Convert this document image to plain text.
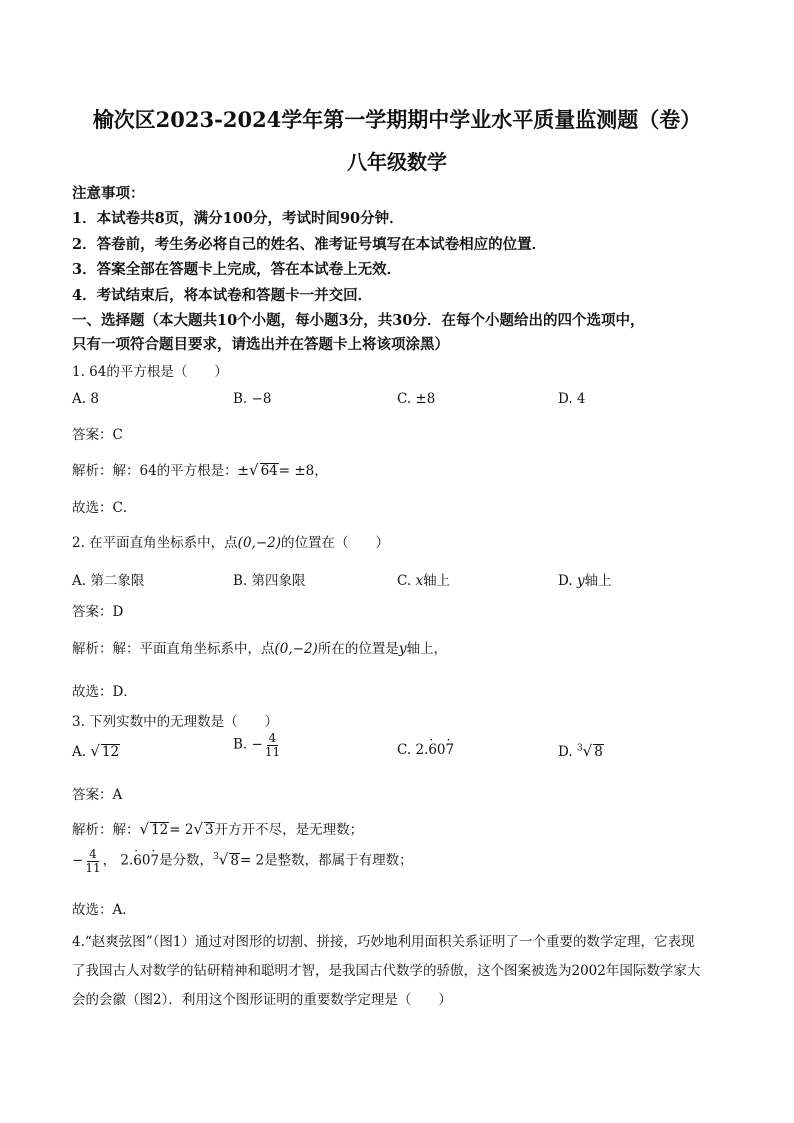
榆次区2023-2024学年第一学期期中学业水平质量监测题（卷）
八年级数学
注意事项：
1．本试卷共8页，满分100分，考试时间90分钟．
2．答卷前，考生务必将自己的姓名、准考证号填写在本试卷相应的位置．
3．答案全部在答题卡上完成，答在本试卷上无效．
4．考试结束后，将本试卷和答题卡一并交回．
一、选择题（本大题共10个小题，每小题3分，共30分．在每个小题给出的四个选项中，
只有一项符合题目要求，请选出并在答题卡上将该项涂黑）
1. 64的平方根是（　　）
A. 8	B. −8	C. ±8	D. 4
答案：C
解析：解：64的平方根是：±√ 64= ±8，
故选：C．
2. 在平面直角坐标系中，点(0,−2)的位置在（　　）
A. 第二象限	B. 第四象限	C. x轴上	D. y轴上
答案：D
解析：解：平面直角坐标系中，点(0,−2)所在的位置是y轴上，
故选：D．
3. 下列实数中的无理数是（　　）
A. √ 12	B. − $\frac{4}{11}$	C. 2.· 60· 7	D. $^3$√ 8
答案：A
解析：解：√ 12= 2√ 3开方开不尽，是无理数；
− $\frac{4}{11}$ ， 2.· 60· 7是分数，$^3$√ 8= 2是整数，都属于有理数；
故选：A．
4.“赵爽弦图”（图1）通过对图形的切割、拼接，巧妙地利用面积关系证明了一个重要的数学定理，它表现
了我国古人对数学的钻研精神和聪明才智，是我国古代数学的骄傲，这个图案被选为2002年国际数学家大
会的会徽（图2）．利用这个图形证明的重要数学定理是（　　）
